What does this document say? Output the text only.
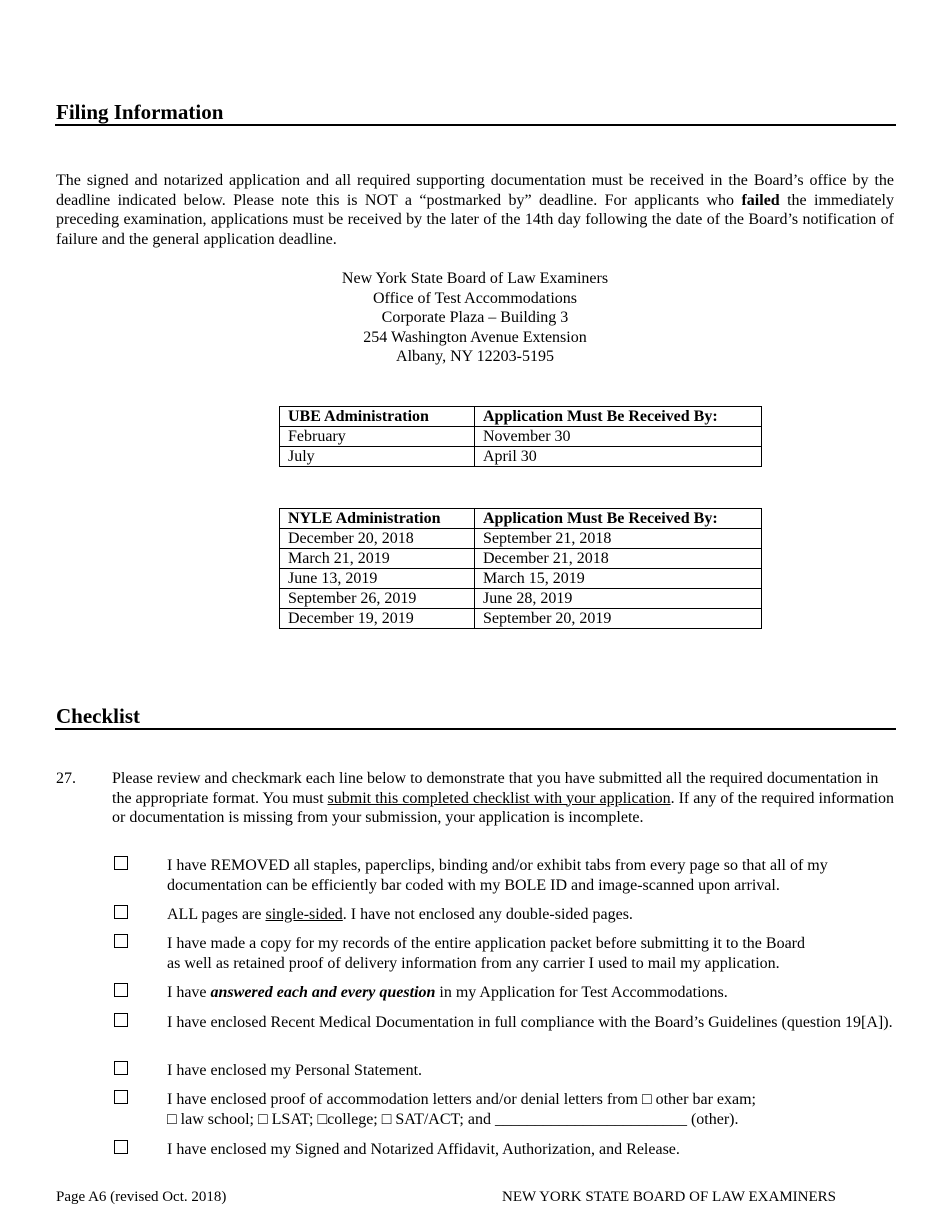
Filing Information

The signed and notarized application and all required supporting documentation must be received in the Board’s office by the deadline indicated below. Please note this is NOT a “postmarked by” deadline. For applicants who failed the immediately preceding examination, applications must be received by the later of the 14th day following the date of the Board’s notification of failure and the general application deadline.

New York State Board of Law Examiners
Office of Test Accommodations
Corporate Plaza – Building 3
254 Washington Avenue Extension
Albany, NY 12203-5195
UBE Administration	Application Must Be Received By:
February	November 30
July	April 30
NYLE Administration	Application Must Be Received By:
December 20, 2018	September 21, 2018
March 21, 2019	December 21, 2018
June 13, 2019	March 15, 2019
September 26, 2019	June 28, 2019
December 19, 2019	September 20, 2019
Checklist
27. Please review and checkmark each line below to demonstrate that you have submitted all the required documentation in the appropriate format. You must submit this completed checklist with your application. If any of the required information or documentation is missing from your submission, your application is incomplete.
I have REMOVED all staples, paperclips, binding and/or exhibit tabs from every page so that all of my documentation can be efficiently bar coded with my BOLE ID and image-scanned upon arrival.
ALL pages are single-sided. I have not enclosed any double-sided pages.
I have made a copy for my records of the entire application packet before submitting it to the Board
as well as retained proof of delivery information from any carrier I used to mail my application.
I have answered each and every question in my Application for Test Accommodations.
I have enclosed Recent Medical Documentation in full compliance with the Board’s Guidelines (question 19[A]).
I have enclosed my Personal Statement.
I have enclosed proof of accommodation letters and/or denial letters from □ other bar exam;
□ law school; □ LSAT; □college; □ SAT/ACT; and ________________________ (other).
I have enclosed my Signed and Notarized Affidavit, Authorization, and Release.
Page A6 (revised Oct. 2018)	NEW YORK STATE BOARD OF LAW EXAMINERS
